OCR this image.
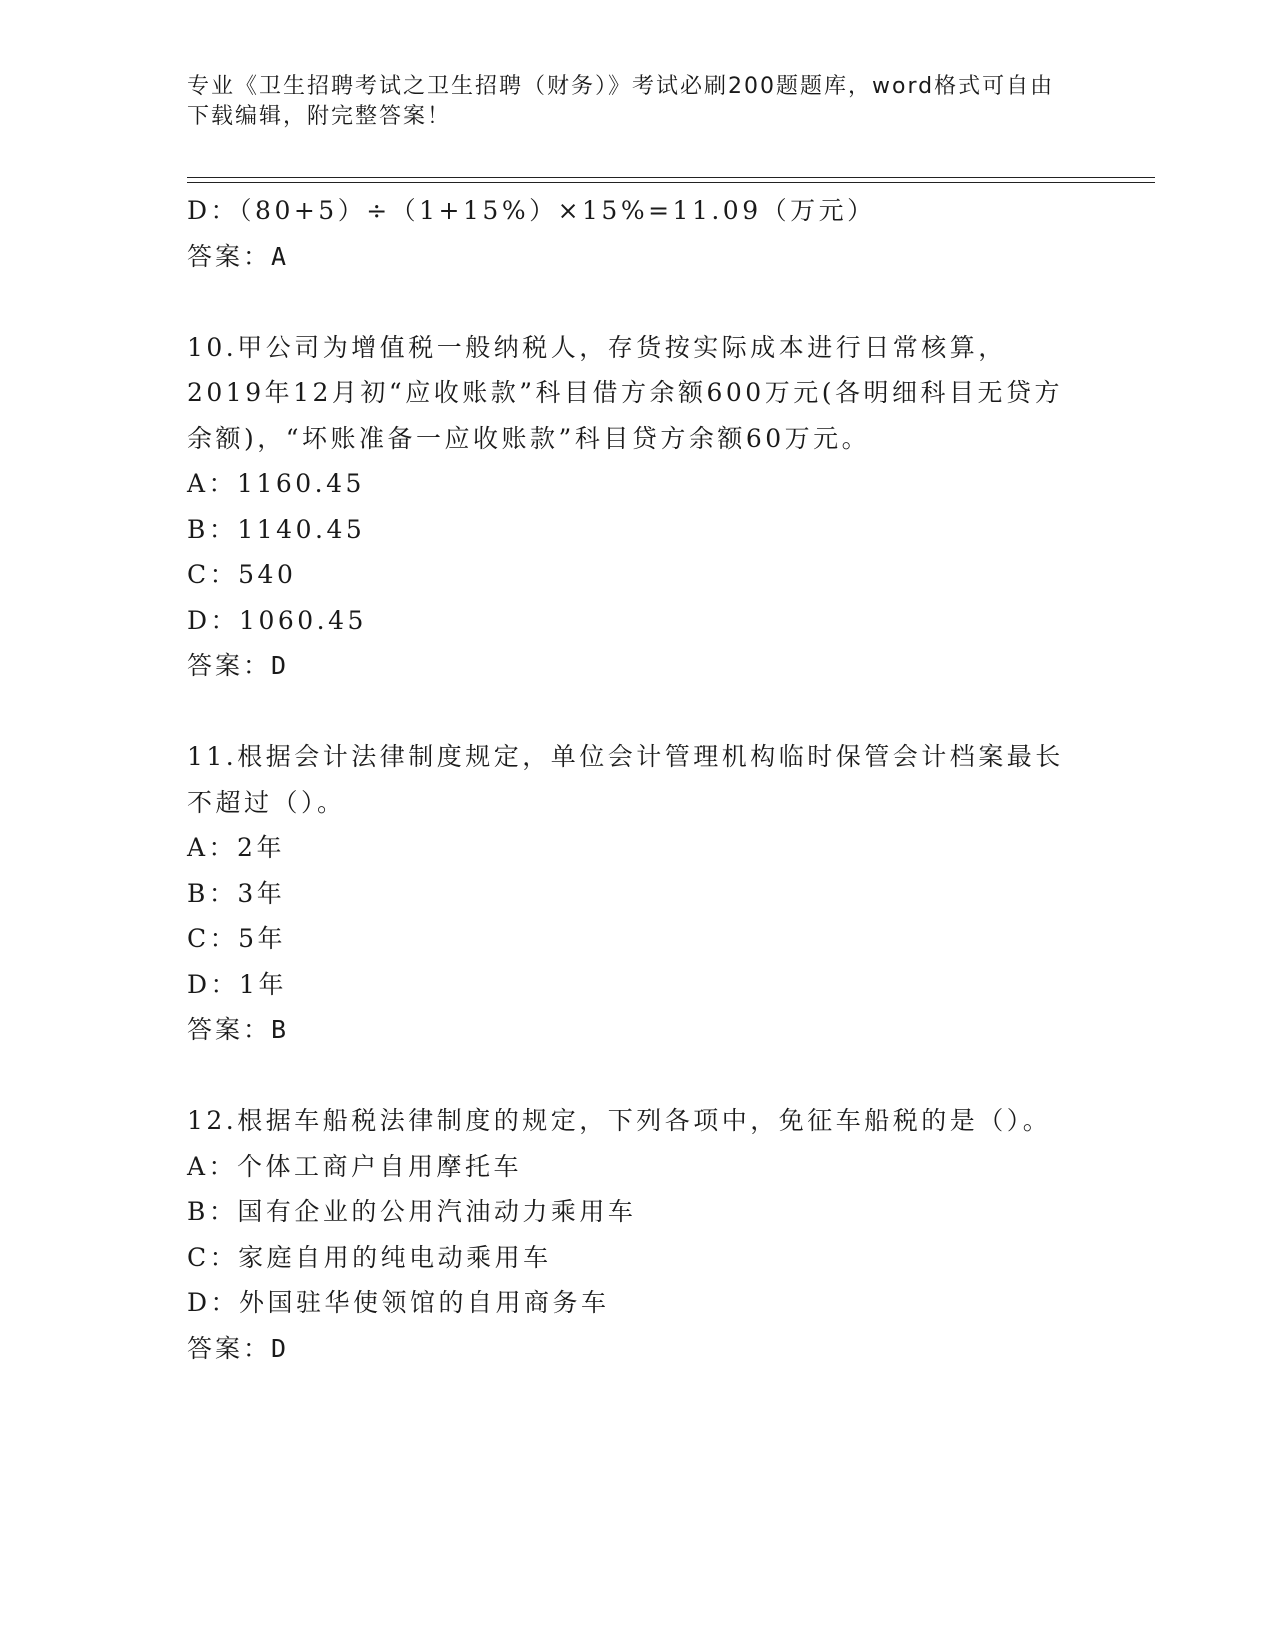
专业《卫生招聘考试之卫生招聘（财务）》考试必刷200题题库，word格式可自由下载编辑，附完整答案！
D：（80+5）÷（1+15%）×15%=11.09（万元）
答案：A
10.甲公司为增值税一般纳税人，存货按实际成本进行日常核算，2019年12月初“应收账款”科目借方余额600万元(各明细科目无贷方余额)，“坏账准备一应收账款”科目贷方余额60万元。
A：1160.45
B：1140.45
C：540
D：1060.45
答案：D
11.根据会计法律制度规定，单位会计管理机构临时保管会计档案最长不超过（）。
A：2年
B：3年
C：5年
D：1年
答案：B
12.根据车船税法律制度的规定，下列各项中，免征车船税的是（）。
A：个体工商户自用摩托车
B：国有企业的公用汽油动力乘用车
C：家庭自用的纯电动乘用车
D：外国驻华使领馆的自用商务车
答案：D
